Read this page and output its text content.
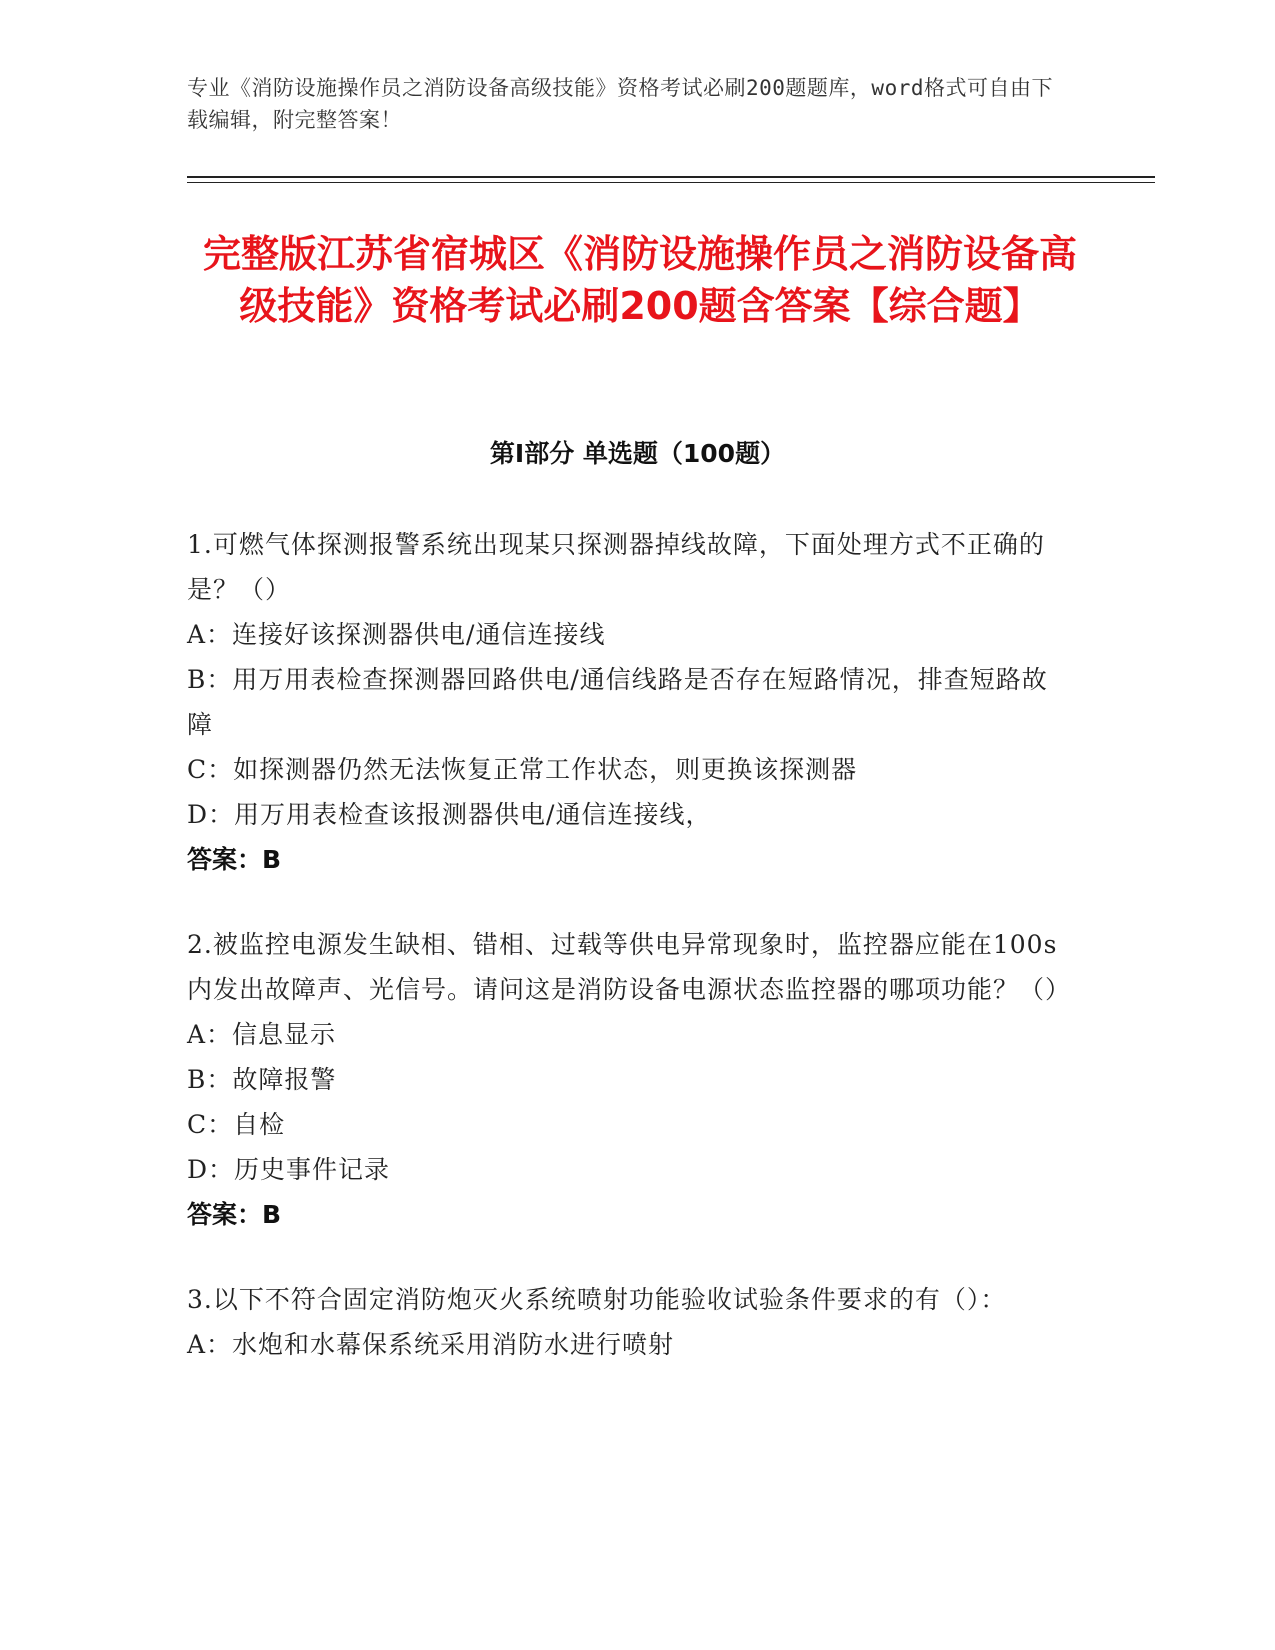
专业《消防设施操作员之消防设备高级技能》资格考试必刷200题题库，word格式可自由下载编辑，附完整答案！
完整版江苏省宿城区《消防设施操作员之消防设备高级技能》资格考试必刷200题含答案【综合题】
第Ⅰ部分 单选题（100题）
1.可燃气体探测报警系统出现某只探测器掉线故障，下面处理方式不正确的是？（）
A：连接好该探测器供电/通信连接线
B：用万用表检查探测器回路供电/通信线路是否存在短路情况，排查短路故障
C：如探测器仍然无法恢复正常工作状态，则更换该探测器
D：用万用表检查该报测器供电/通信连接线，
答案：B
2.被监控电源发生缺相、错相、过载等供电异常现象时，监控器应能在100s内发出故障声、光信号。请问这是消防设备电源状态监控器的哪项功能？（）
A：信息显示
B：故障报警
C：自检
D：历史事件记录
答案：B
3.以下不符合固定消防炮灭火系统喷射功能验收试验条件要求的有（）：
A：水炮和水幕保系统采用消防水进行喷射
